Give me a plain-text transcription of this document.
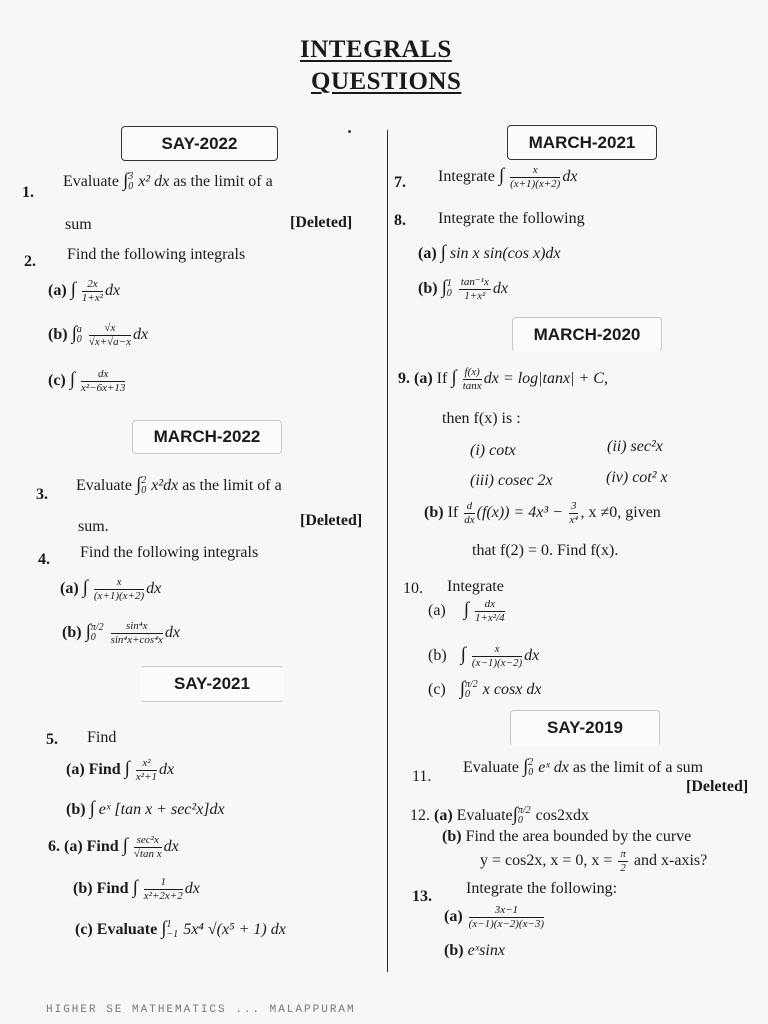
INTEGRALS
QUESTIONS
SAY-2022
1.
Evaluate ∫ 3
0 x² dx as the limit of a
sum	[Deleted]
2. Find the following integrals
(a) ∫ $\frac{2x}{\text{1+x²}}$ dx
(b) ∫ a
0
$\frac{√x}{√x+√a-x}$ dx
(c) ∫ $\frac{dx}{\text{x²−6x+13}}$
MARCH-2022
3.
Evaluate ∫ 2
0 x²dx as the limit of a
sum.	[Deleted]
4. Find the following integrals
(a) ∫ $\frac{x}{(x+1)(x+2)}$ dx
(b) ∫ π/2
0
	$\frac{\text{sin⁴x}}{\text{sin⁴x+cos⁴x}}$ dx
SAY-2021
5. Find
(a) Find ∫ $\frac{\text{x²}}{\text{x²+1}}$ dx
(b) ∫ eˣ [tan x + sec²x]dx
6. (a) Find ∫ $\frac{\text{sec²x}}{\text{√tan x}}$ dx
(b) Find ∫ $\frac{1}{\text{x²+2x+2}}$ dx
(c) Evaluate ∫ 1
−1 5x⁴ √(x⁵ + 1) dx
MARCH-2021
7. Integrate ∫ $\frac{x}{(x+1)(x+2)}$ dx
8. Integrate the following
(a) ∫ sin x sin(cos x)dx
(b) ∫ 1
0
$\frac{\text{tan⁻¹x}}{\text{1+x²}}$ dx
MARCH-2020
9. (a) If ∫ $\frac{f(x)}{\tan x}$ dx = log|tanx| + C,
then f(x) is :
(i) cotx	(ii) sec²x
(iii) cosec 2x	(iv) cot² x
(b) If $\frac{d}{dx} (f(x)) = 4x^3 - \frac{3}{\text{x⁴}}$ , x ≠0, given
that f(2) = 0. Find f(x).
10. Integrate
(a) ∫ $\frac{dx}{\text{1+x²/4}}$
(b) ∫ $\frac{x}{(x-1)(x-2)}$ dx
(c) ∫ π/2
0 x cosx dx
SAY-2019
11.
Evaluate ∫ 2
0 eˣ dx as the limit of a sum
[Deleted]
12. (a) Evaluate∫ π/2
0 cos2xdx
(b) Find the area bounded by the curve
y = cos2x, x = 0, $x = \frac{\pi}{2}$ and x-axis?
13. Integrate the following:
$(a) \frac{3x-1}{(x-1)(x-2)(x-3)}$
(b) eˣsinx
HIGHER SE MATHEMATICS ... MALAPPURAM
